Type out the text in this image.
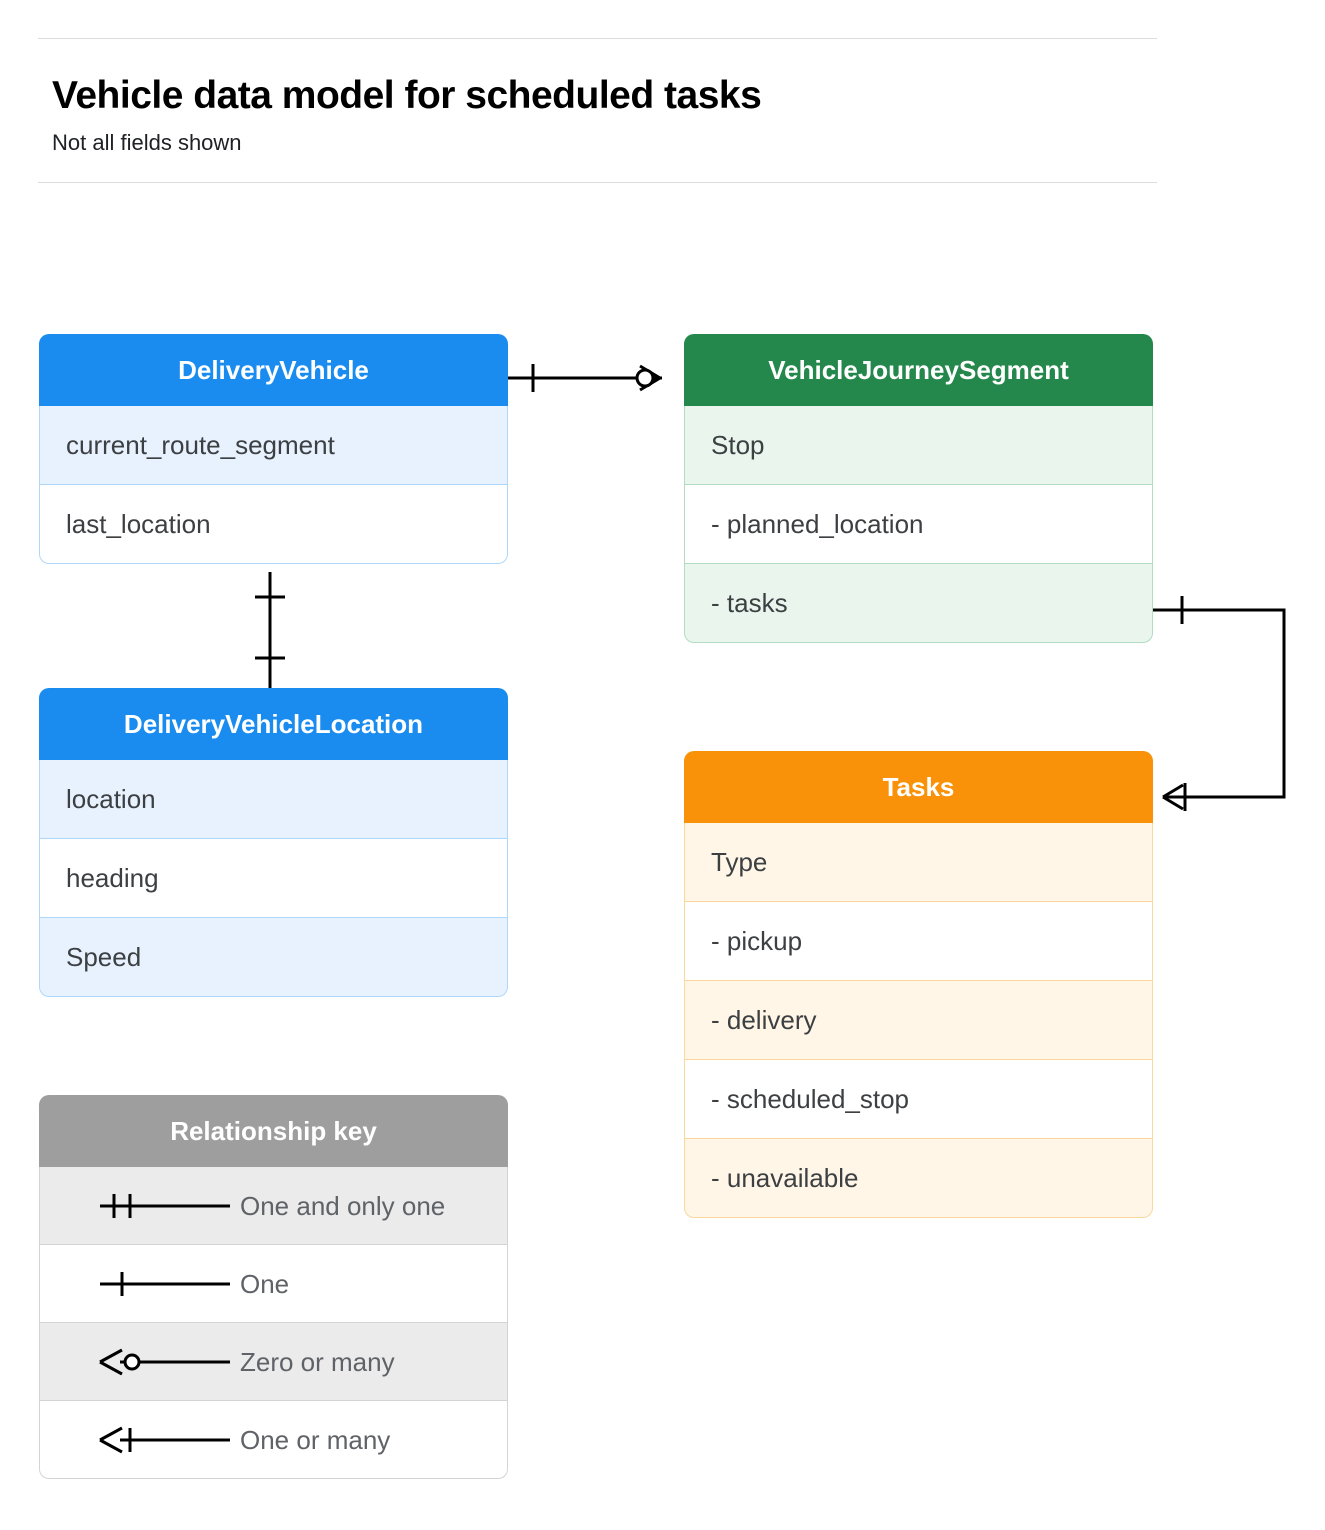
Vehicle data model for scheduled tasks

Not all fields shown

DeliveryVehicle
current_route_segment
last_location
VehicleJourneySegment
Stop
- planned_location
- tasks
DeliveryVehicleLocation
location
heading
Speed
Tasks
Type
- pickup
- delivery
- scheduled_stop
- unavailable
Relationship key
One and only one
One
Zero or many
One or many
